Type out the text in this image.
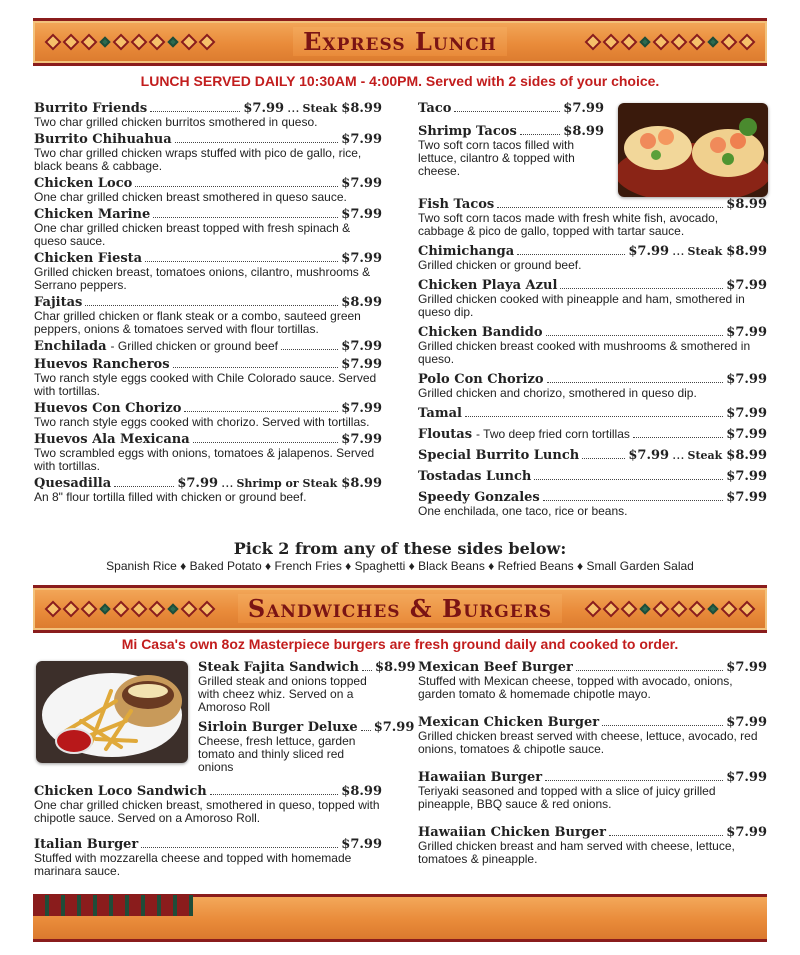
Express Lunch
LUNCH SERVED DAILY 10:30AM - 4:00PM. Served with 2 sides of your choice.
Burrito Friends	$7.99 ... Steak $8.99
Two char grilled chicken burritos smothered in queso.
Burrito Chihuahua	$7.99
Two char grilled chicken wraps stuffed with pico de gallo, rice, black beans & cabbage.
Chicken Loco	$7.99
One char grilled chicken breast smothered in queso sauce.
Chicken Marine	$7.99
One char grilled chicken breast topped with fresh spinach & queso sauce.
Chicken Fiesta	$7.99
Grilled chicken breast, tomatoes onions, cilantro, mushrooms & Serrano peppers.
Fajitas	$8.99
Char grilled chicken or flank steak or a combo, sauteed green peppers, onions & tomatoes served with flour tortillas.
Enchilada - Grilled chicken or ground beef	$7.99
Huevos Rancheros	$7.99
Two ranch style eggs cooked with Chile Colorado sauce. Served with tortillas.
Huevos Con Chorizo	$7.99
Two ranch style eggs cooked with chorizo. Served with tortillas.
Huevos Ala Mexicana	$7.99
Two scrambled eggs with onions, tomatoes & jalapenos. Served with tortillas.
Quesadilla	$7.99 ... Shrimp or Steak $8.99
An 8" flour tortilla filled with chicken or ground beef.
Taco	$7.99
Shrimp Tacos	$8.99
Two soft corn tacos filled with lettuce, cilantro & topped with cheese.
Fish Tacos	$8.99
Two soft corn tacos made with fresh white fish, avocado, cabbage & pico de gallo, topped with tartar sauce.
Chimichanga	$7.99 ... Steak $8.99
Grilled chicken or ground beef.
Chicken Playa Azul	$7.99
Grilled chicken cooked with pineapple and ham, smothered in queso dip.
Chicken Bandido	$7.99
Grilled chicken breast cooked with mushrooms & smothered in queso.
Polo Con Chorizo	$7.99
Grilled chicken and chorizo, smothered in queso dip.
Tamal	$7.99
Floutas - Two deep fried corn tortillas	$7.99
Special Burrito Lunch	$7.99 ... Steak $8.99
Tostadas Lunch	$7.99
Speedy Gonzales	$7.99
One enchilada, one taco, rice or beans.
Pick 2 from any of these sides below:
Spanish Rice ♦ Baked Potato ♦ French Fries ♦ Spaghetti ♦ Black Beans ♦ Refried Beans ♦ Small Garden Salad
Sandwiches & Burgers
Mi Casa's own 8oz Masterpiece burgers are fresh ground daily and cooked to order.
Steak Fajita Sandwich $8.99
Grilled steak and onions topped with cheez whiz. Served on a Amoroso Roll
Sirloin Burger Deluxe $7.99
Cheese, fresh lettuce, garden tomato and thinly sliced red onions
Chicken Loco Sandwich	$8.99
One char grilled chicken breast, smothered in queso, topped with chipotle sauce. Served on a Amoroso Roll.
Italian Burger	$7.99
Stuffed with mozzarella cheese and topped with homemade marinara sauce.
Mexican Beef Burger	$7.99
Stuffed with Mexican cheese, topped with avocado, onions, garden tomato & homemade chipotle mayo.
Mexican Chicken Burger	$7.99
Grilled chicken breast served with cheese, lettuce, avocado, red onions, tomatoes & chipotle sauce.
Hawaiian Burger	$7.99
Teriyaki seasoned and topped with a slice of juicy grilled pineapple, BBQ sauce & red onions.
Hawaiian Chicken Burger	$7.99
Grilled chicken breast and ham served with cheese, lettuce, tomatoes & pineapple.
